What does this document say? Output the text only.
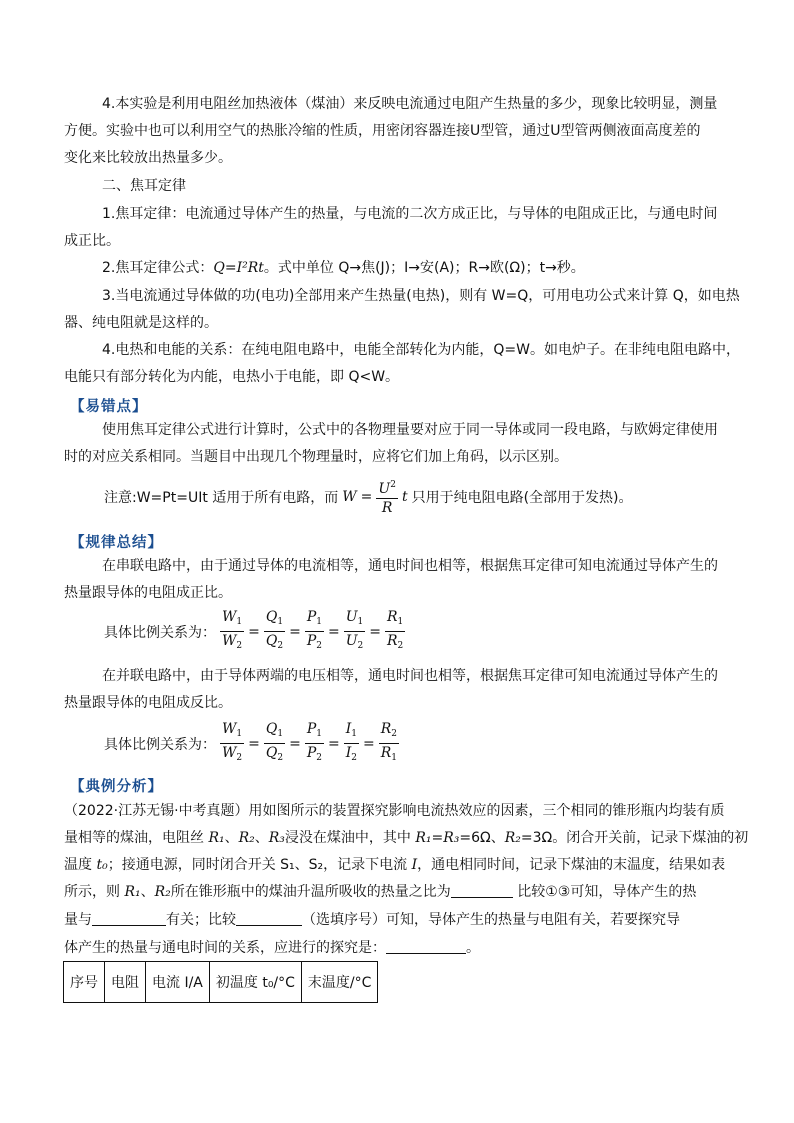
4.本实验是利用电阻丝加热液体（煤油）来反映电流通过电阻产生热量的多少，现象比较明显，测量
方便。实验中也可以利用空气的热胀冷缩的性质，用密闭容器连接U型管，通过U型管两侧液面高度差的
变化来比较放出热量多少。
二、焦耳定律
1.焦耳定律：电流通过导体产生的热量，与电流的二次方成正比，与导体的电阻成正比，与通电时间
成正比。
2.焦耳定律公式：Q=I²Rt。式中单位 Q→焦(J)；I→安(A)；R→欧(Ω)；t→秒。
3.当电流通过导体做的功(电功)全部用来产生热量(电热)，则有 W=Q，可用电功公式来计算 Q，如电热
器、纯电阻就是这样的。
4.电热和电能的关系：在纯电阻电路中，电能全部转化为内能，Q=W。如电炉子。在非纯电阻电路中，
电能只有部分转化为内能，电热小于电能，即 Q<W。
【易错点】
使用焦耳定律公式进行计算时，公式中的各物理量要对应于同一导体或同一段电路，与欧姆定律使用
时的对应关系相同。当题目中出现几个物理量时，应将它们加上角码，以示区别。
注意:W=Pt=UIt 适用于所有电路，而 $W = \frac{U^2}{R}$ t 只用于纯电阻电路(全部用于发热)。
【规律总结】
在串联电路中，由于通过导体的电流相等，通电时间也相等，根据焦耳定律可知电流通过导体产生的
热量跟导体的电阻成正比。
具体比例关系为： $\frac{W_1}{W_2} = \frac{Q_1}{Q_2} = \frac{P_1}{P_2} = \frac{U_1}{U_2} = \frac{R_1}{R_2}$
在并联电路中，由于导体两端的电压相等，通电时间也相等，根据焦耳定律可知电流通过导体产生的
热量跟导体的电阻成反比。
具体比例关系为： $\frac{W_1}{W_2} = \frac{Q_1}{Q_2} = \frac{P_1}{P_2} = \frac{I_1}{I_2} = \frac{R_2}{R_1}$
【典例分析】
（2022·江苏无锡·中考真题）用如图所示的装置探究影响电流热效应的因素，三个相同的锥形瓶内均装有质
量相等的煤油，电阻丝 R₁、R₂、R₃浸没在煤油中，其中 R₁=R₃=6Ω、R₂=3Ω。闭合开关前，记录下煤油的初
温度 t₀；接通电源，同时闭合开关 S₁、S₂，记录下电流 I，通电相同时间，记录下煤油的末温度，结果如表
所示，则 R₁、R₂所在锥形瓶中的煤油升温所吸收的热量之比为	比较①③可知，导体产生的热
量与	有关；比较	（选填序号）可知，导体产生的热量与电阻有关，若要探究导
体产生的热量与通电时间的关系，应进行的探究是：	。
序号	电阻	电流 I/A	初温度 t₀/°C	末温度/°C
